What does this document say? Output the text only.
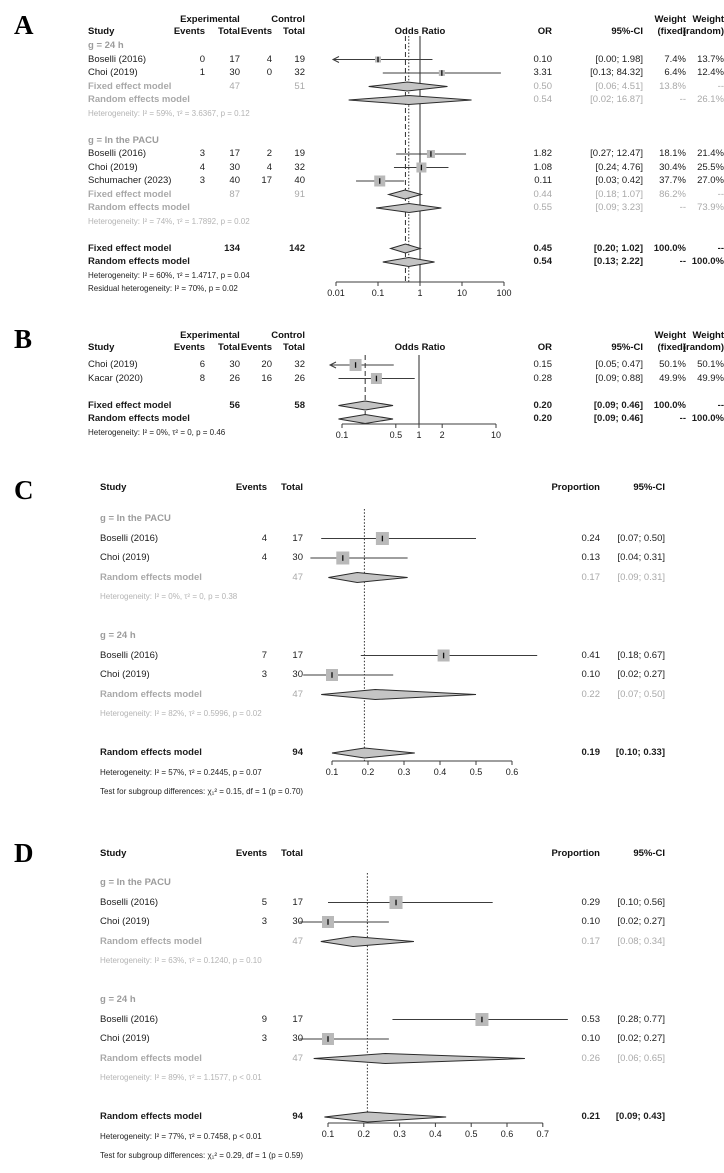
A	Experimental	Control	Weight Weight
Study	Events	Total Events	Total	Odds Ratio	OR	95%-CI	(fixed)
(random)
0.01	0.1	1	10	100
g = 24 h
Boselli (2016)	0	17	4	19	0.10	[0.00; 1.98]	7.4%	13.7%
Choi (2019)	1	30	0	32	3.31	[0.13; 84.32]	6.4%	12.4%
Fixed effect model	47	51	0.50	[0.06; 4.51]	13.8%	--
Random effects model	0.54	[0.02; 16.87]	--	26.1%
Heterogeneity: I² = 59%, τ² = 3.6367, p = 0.12
g = In the PACU
Boselli (2016)	3	17	2	19	1.82	[0.27; 12.47]	18.1%	21.4%
Choi (2019)	4	30	4	32	1.08	[0.24; 4.76]	30.4%	25.5%
Schumacher (2023)	3	40	17	40	0.11	[0.03; 0.42]	37.7%	27.0%
Fixed effect model	87	91	0.44	[0.18; 1.07]	86.2%	--
Random effects model	0.55	[0.09; 3.23]	--	73.9%
Heterogeneity: I² = 74%, τ² = 1.7892, p = 0.02
Fixed effect model	134	142	0.45	[0.20; 1.02]	100.0%	--
Random effects model	0.54	[0.13; 2.22]	-- 100.0%
Heterogeneity: I² = 60%, τ² = 1.4717, p = 0.04
Residual heterogeneity: I² = 70%, p = 0.02
B	Experimental	Control	Weight Weight
Study	Events	Total Events	Total	Odds Ratio	OR	95%-CI	(fixed)
(random)
0.1	0.5 1 2	10
Choi (2019)	6	30	20	32	0.15	[0.05; 0.47]	50.1%	50.1%
Kacar (2020)	8	26	16	26	0.28	[0.09; 0.88]	49.9%	49.9%
Fixed effect model	56	58	0.20	[0.09; 0.46]	100.0%	--
Random effects model	0.20	[0.09; 0.46]	-- 100.0%
Heterogeneity: I² = 0%, τ² = 0, p = 0.46
C	Study	Events	Total	Proportion	95%-CI
0.1	0.2	0.3	0.4	0.5	0.6
g = In the PACU
Boselli (2016)	4	17	0.24	[0.07; 0.50]
Choi (2019)	4	30	0.13	[0.04; 0.31]
Random effects model	47	0.17	[0.09; 0.31]
Heterogeneity: I² = 0%, τ² = 0, p = 0.38
g = 24 h
Boselli (2016)	7	17	0.41	[0.18; 0.67]
Choi (2019)	3	30	0.10	[0.02; 0.27]
Random effects model	47	0.22	[0.07; 0.50]
Heterogeneity: I² = 82%, τ² = 0.5996, p = 0.02
Random effects model	94	0.19	[0.10; 0.33]
Heterogeneity: I² = 57%, τ² = 0.2445, p = 0.07
Test for subgroup differences: χ₁² = 0.15, df = 1 (p = 0.70)
D	Study	Events	Total	Proportion	95%-CI
0.1	0.2	0.3	0.4	0.5	0.6	0.7
g = In the PACU
Boselli (2016)	5	17	0.29	[0.10; 0.56]
Choi (2019)	3	30	0.10	[0.02; 0.27]
Random effects model	47	0.17	[0.08; 0.34]
Heterogeneity: I² = 63%, τ² = 0.1240, p = 0.10
g = 24 h
Boselli (2016)	9	17	0.53	[0.28; 0.77]
Choi (2019)	3	30	0.10	[0.02; 0.27]
Random effects model	47	0.26	[0.06; 0.65]
Heterogeneity: I² = 89%, τ² = 1.1577, p < 0.01
Random effects model	94	0.21	[0.09; 0.43]
Heterogeneity: I² = 77%, τ² = 0.7458, p < 0.01
Test for subgroup differences: χ₁² = 0.29, df = 1 (p = 0.59)
